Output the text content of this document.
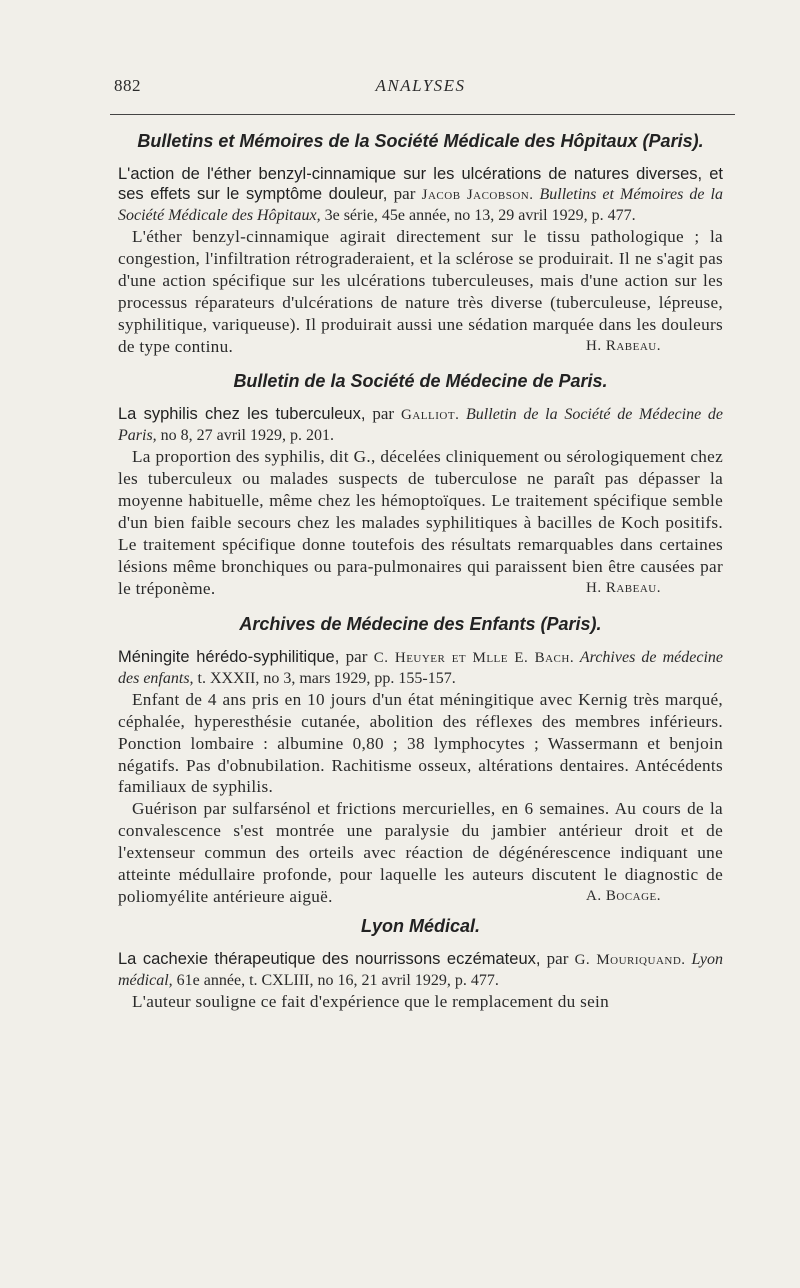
882	ANALYSES
Bulletins et Mémoires de la Société Médicale des Hôpitaux (Paris).

L'action de l'éther benzyl-cinnamique sur les ulcérations de natures diverses, et ses effets sur le symptôme douleur, par Jacob Jacobson. Bulletins et Mémoires de la Société Médicale des Hôpitaux, 3e série, 45e année, no 13, 29 avril 1929, p. 477.

L'éther benzyl-cinnamique agirait directement sur le tissu pathologique ; la congestion, l'infiltration rétrograderaient, et la sclérose se produirait. Il ne s'agit pas d'une action spécifique sur les ulcérations tuberculeuses, mais d'une action sur les processus réparateurs d'ulcérations de nature très diverse (tuberculeuse, lépreuse, syphilitique, variqueuse). Il produirait aussi une sédation marquée dans les douleurs de type continu.	H. Rabeau.

Bulletin de la Société de Médecine de Paris.

La syphilis chez les tuberculeux, par Galliot. Bulletin de la Société de Médecine de Paris, no 8, 27 avril 1929, p. 201.

La proportion des syphilis, dit G., décelées cliniquement ou sérologiquement chez les tuberculeux ou malades suspects de tuberculose ne paraît pas dépasser la moyenne habituelle, même chez les hémoptoïques. Le traitement spécifique semble d'un bien faible secours chez les malades syphilitiques à bacilles de Koch positifs. Le traitement spécifique donne toutefois des résultats remarquables dans certaines lésions même bronchiques ou para-pulmonaires qui paraissent bien être causées par le tréponème.	H. Rabeau.

Archives de Médecine des Enfants (Paris).

Méningite hérédo-syphilitique, par C. Heuyer et Mlle E. Bach. Archives de médecine des enfants, t. XXXII, no 3, mars 1929, pp. 155-157.

Enfant de 4 ans pris en 10 jours d'un état méningitique avec Kernig très marqué, céphalée, hyperesthésie cutanée, abolition des réflexes des membres inférieurs. Ponction lombaire : albumine 0,80 ; 38 lymphocytes ; Wassermann et benjoin négatifs. Pas d'obnubilation. Rachitisme osseux, altérations dentaires. Antécédents familiaux de syphilis.

Guérison par sulfarsénol et frictions mercurielles, en 6 semaines. Au cours de la convalescence s'est montrée une paralysie du jambier antérieur droit et de l'extenseur commun des orteils avec réaction de dégénérescence indiquant une atteinte médullaire profonde, pour laquelle les auteurs discutent le diagnostic de poliomyélite antérieure aiguë.	A. Bocage.

Lyon Médical.

La cachexie thérapeutique des nourrissons eczémateux, par G. Mouriquand. Lyon médical, 61e année, t. CXLIII, no 16, 21 avril 1929, p. 477.

L'auteur souligne ce fait d'expérience que le remplacement du sein
